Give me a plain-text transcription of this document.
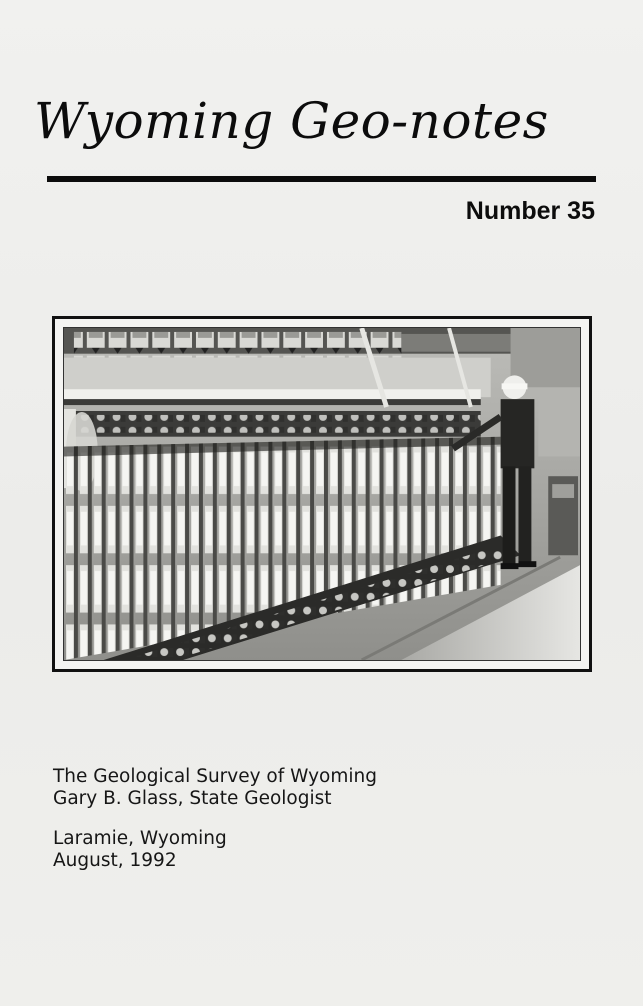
Wyoming Geo-notes
Number 35
The Geological Survey of Wyoming
Gary B. Glass, State Geologist
Laramie, Wyoming
August, 1992
